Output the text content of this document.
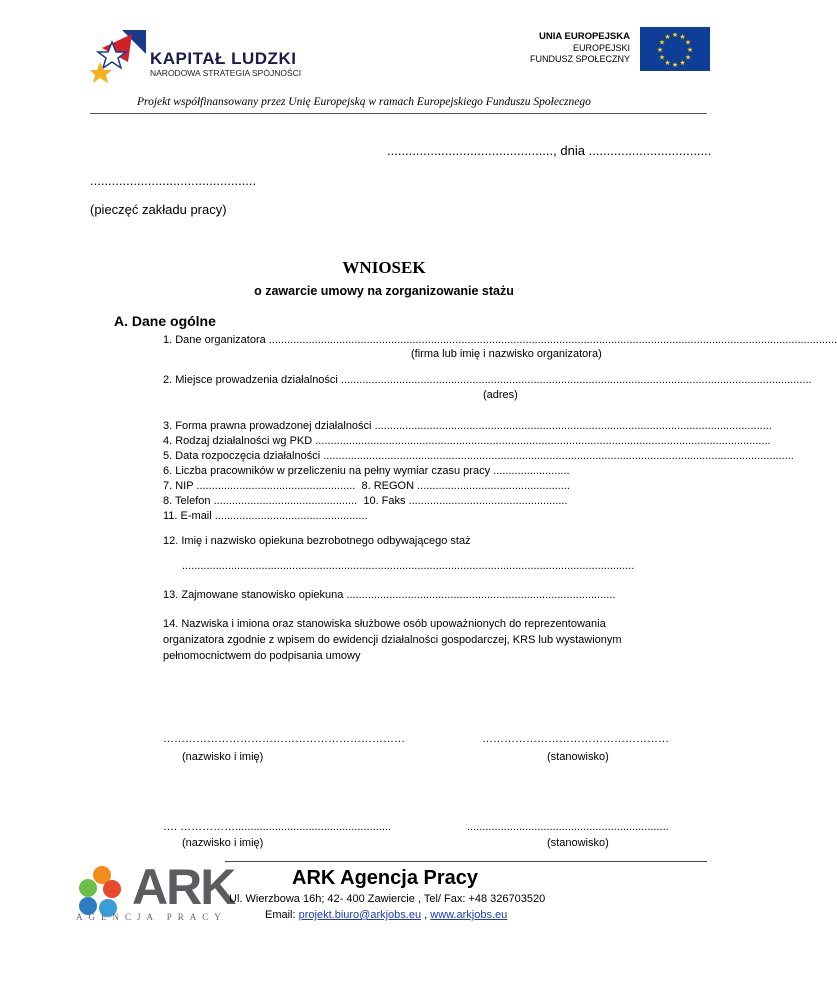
KAPITAŁ LUDZKI
NARODOWA STRATEGIA SPÓJNOŚCI
UNIA EUROPEJSKA
EUROPEJSKI
FUNDUSZ SPOŁECZNY
★ ★
★
★
★
★
★
★
★
★
★
★
Projekt współfinansowany przez Unię Europejską w ramach Europejskiego Funduszu Społecznego
.............................................., dnia ..................................
..............................................
(pieczęć zakładu pracy)
WNIOSEK
o zawarcie umowy na zorganizowanie stażu
A. Dane ogólne
1. Dane organizatora ..........................................................................................................................................................................................
(firma lub imię i nazwisko organizatora)
2. Miejsce prowadzenia działalności ..........................................................................................................................................................
(adres)
3. Forma prawna prowadzonej działalności ..................................................................................................................................
4. Rodzaj działalności wg PKD .....................................................................................................................................................
5. Data rozpoczęcia działalności ..........................................................................................................................................................
6. Liczba pracowników w przeliczeniu na pełny wymiar czasu pracy .........................
7. NIP ....................................................  8. REGON ..................................................
8. Telefon ...............................................  10. Faks ....................................................
11. E-mail ..................................................
12. Imię i nazwisko opiekuna bezrobotnego odbywającego staż
....................................................................................................................................................
13. Zajmowane stanowisko opiekuna ........................................................................................
14. Nazwiska i imiona oraz stanowiska służbowe osób upoważnionych do reprezentowania
organizatora zgodnie z wpisem do ewidencji działalności gospodarczej, KRS lub wystawionym
pełnomocnictwem do podpisania umowy
…………………………………………………………	……………………………………………
(nazwisko i imię)	(stanowisko)
…. ……………...................................................	..................................................................
(nazwisko i imię)	(stanowisko)
ARK
AGENCJA PRACY
ARK Agencja Pracy
Ul. Wierzbowa 16h; 42- 400 Zawiercie , Tel/ Fax: +48 326703520
Email: projekt.biuro@arkjobs.eu , www.arkjobs.eu
